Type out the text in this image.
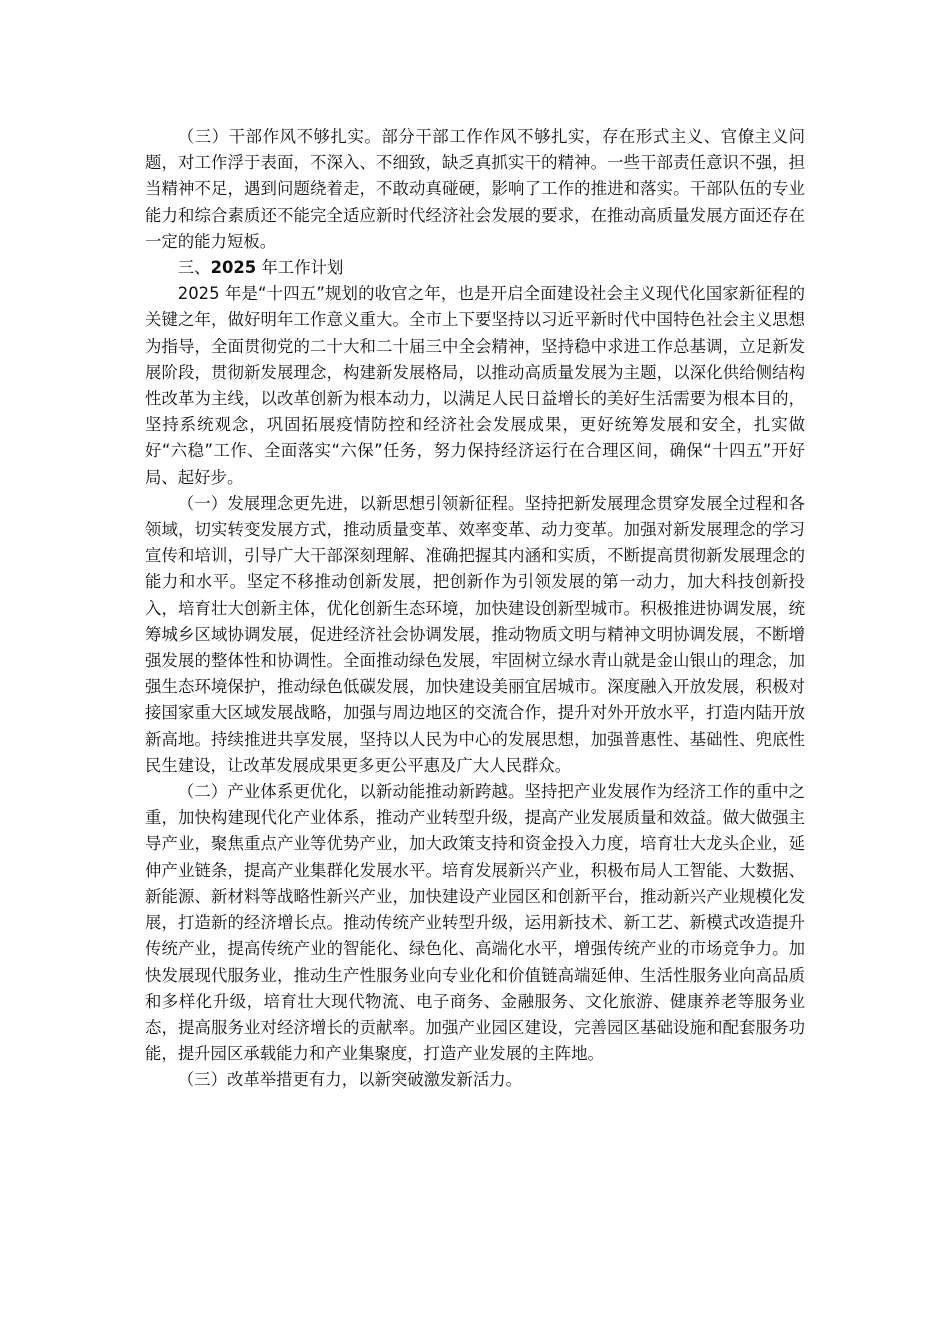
（三）干部作风不够扎实。部分干部工作作风不够扎实，存在形式主义、官僚主义问题，对工作浮于表面，不深入、不细致，缺乏真抓实干的精神。一些干部责任意识不强，担当精神不足，遇到问题绕着走，不敢动真碰硬，影响了工作的推进和落实。干部队伍的专业能力和综合素质还不能完全适应新时代经济社会发展的要求，在推动高质量发展方面还存在一定的能力短板。

三、2025 年工作计划

2025 年是“十四五”规划的收官之年，也是开启全面建设社会主义现代化国家新征程的关键之年，做好明年工作意义重大。全市上下要坚持以习近平新时代中国特色社会主义思想为指导，全面贯彻党的二十大和二十届三中全会精神，坚持稳中求进工作总基调，立足新发展阶段，贯彻新发展理念，构建新发展格局，以推动高质量发展为主题，以深化供给侧结构性改革为主线，以改革创新为根本动力，以满足人民日益增长的美好生活需要为根本目的，坚持系统观念，巩固拓展疫情防控和经济社会发展成果，更好统筹发展和安全，扎实做好“六稳”工作、全面落实“六保”任务，努力保持经济运行在合理区间，确保“十四五”开好局、起好步。

（一）发展理念更先进，以新思想引领新征程。坚持把新发展理念贯穿发展全过程和各领域，切实转变发展方式，推动质量变革、效率变革、动力变革。加强对新发展理念的学习宣传和培训，引导广大干部深刻理解、准确把握其内涵和实质，不断提高贯彻新发展理念的能力和水平。坚定不移推动创新发展，把创新作为引领发展的第一动力，加大科技创新投入，培育壮大创新主体，优化创新生态环境，加快建设创新型城市。积极推进协调发展，统筹城乡区域协调发展，促进经济社会协调发展，推动物质文明与精神文明协调发展，不断增强发展的整体性和协调性。全面推动绿色发展，牢固树立绿水青山就是金山银山的理念，加强生态环境保护，推动绿色低碳发展，加快建设美丽宜居城市。深度融入开放发展，积极对接国家重大区域发展战略，加强与周边地区的交流合作，提升对外开放水平，打造内陆开放新高地。持续推进共享发展，坚持以人民为中心的发展思想，加强普惠性、基础性、兜底性民生建设，让改革发展成果更多更公平惠及广大人民群众。

（二）产业体系更优化，以新动能推动新跨越。坚持把产业发展作为经济工作的重中之重，加快构建现代化产业体系，推动产业转型升级，提高产业发展质量和效益。做大做强主导产业，聚焦重点产业等优势产业，加大政策支持和资金投入力度，培育壮大龙头企业，延伸产业链条，提高产业集群化发展水平。培育发展新兴产业，积极布局人工智能、大数据、新能源、新材料等战略性新兴产业，加快建设产业园区和创新平台，推动新兴产业规模化发展，打造新的经济增长点。推动传统产业转型升级，运用新技术、新工艺、新模式改造提升传统产业，提高传统产业的智能化、绿色化、高端化水平，增强传统产业的市场竞争力。加快发展现代服务业，推动生产性服务业向专业化和价值链高端延伸、生活性服务业向高品质和多样化升级，培育壮大现代物流、电子商务、金融服务、文化旅游、健康养老等服务业态，提高服务业对经济增长的贡献率。加强产业园区建设，完善园区基础设施和配套服务功能，提升园区承载能力和产业集聚度，打造产业发展的主阵地。

（三）改革举措更有力，以新突破激发新活力。
